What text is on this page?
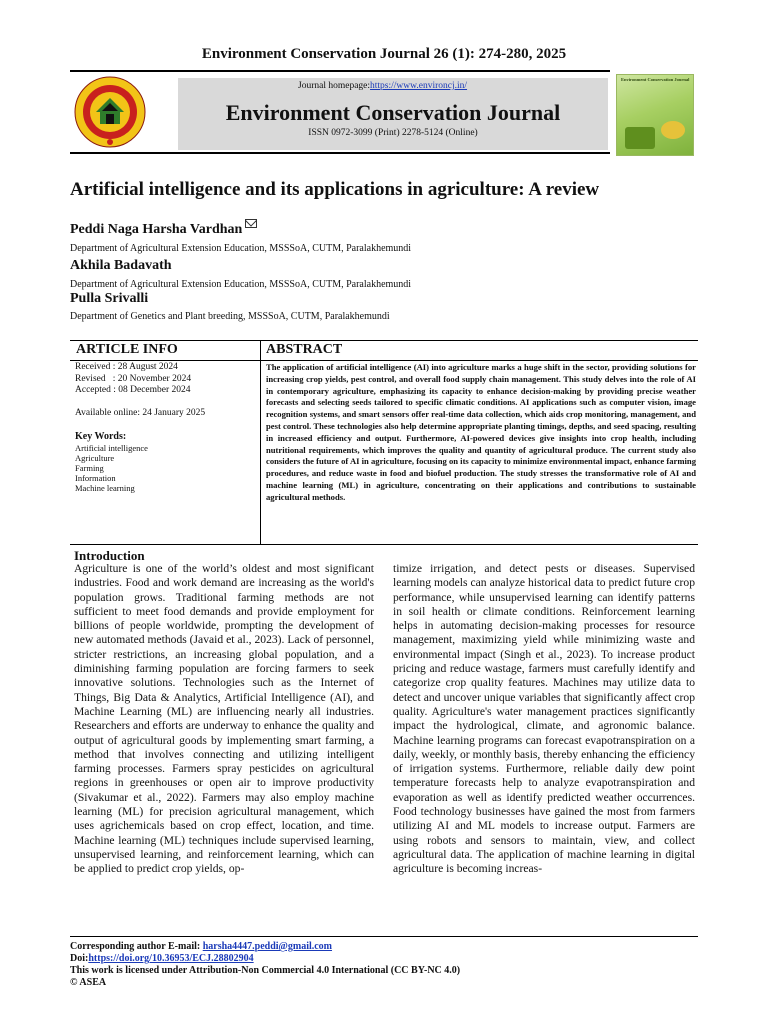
Environment Conservation Journal 26 (1): 274-280, 2025
Journal homepage:https://www.environcj.in/
Environment Conservation Journal
ISSN 0972-3099 (Print) 2278-5124 (Online)
Environment Conservation Journal
Artificial intelligence and its applications in agriculture: A review
Peddi Naga Harsha Vardhan
Department of Agricultural Extension Education, MSSSoA, CUTM, Paralakhemundi
Akhila Badavath
Department of Agricultural Extension Education, MSSSoA, CUTM, Paralakhemundi
Pulla Srivalli
Department of Genetics and Plant breeding, MSSSoA, CUTM, Paralakhemundi
ARTICLE INFO	ABSTRACT
Received : 28 August 2024
Revised   : 20 November 2024
Accepted : 08 December 2024
Available online: 24 January 2025
Key Words:
Artificial intelligence
Agriculture
Farming
Information
Machine learning
The application of artificial intelligence (AI) into agriculture marks a huge shift in the sector, providing solutions for increasing crop yields, pest control, and overall food supply chain management. This study delves into the role of AI in contemporary agriculture, emphasizing its capacity to enhance decision-making by providing precise weather forecasts and selecting seeds tailored to specific climatic conditions. AI applications such as computer vision, image recognition systems, and smart sensors offer real-time data collection, which aids crop monitoring, management, and pest control. These technologies also help determine appropriate planting timings, depths, and seed spacing, resulting in increased efficiency and output. Furthermore, AI-powered devices give insights into crop health, including nutritional requirements, which improves the quality and quantity of agricultural produce. The current study also considers the future of AI in agriculture, focusing on its capacity to minimize environmental impact, enhance farming procedures, and reduce waste in food and biofuel production. The study stresses the transformative role of AI and machine learning (ML) in agriculture, concentrating on their applications and contributions to sustainable agricultural methods.
Introduction

Agriculture is one of the world’s oldest and most significant industries. Food and work demand are increasing as the world's population grows. Traditional farming methods are not sufficient to meet food demands and provide employment for billions of people worldwide, prompting the development of new automated methods (Javaid et al., 2023). Lack of personnel, stricter restrictions, an increasing global population, and a diminishing farming population are forcing farmers to seek innovative solutions. Technologies such as the Internet of Things, Big Data & Analytics, Artificial Intelligence (AI), and Machine Learning (ML) are influencing nearly all industries. Researchers and efforts are underway to enhance the quality and output of agricultural goods by implementing smart farming, a method that involves connecting and utilizing intelligent farming processes. Farmers spray pesticides on agricultural regions in greenhouses or open air to improve productivity (Sivakumar et al., 2022). Farmers may also employ machine learning (ML) for precision agricultural management, which uses agrichemicals based on crop effect, location, and time. Machine learning (ML) techniques include supervised learning, unsupervised learning, and reinforcement learning, which can be applied to predict crop yields, op-

timize irrigation, and detect pests or diseases. Supervised learning models can analyze historical data to predict future crop performance, while unsupervised learning can identify patterns in soil health or climate conditions. Reinforcement learning helps in automating decision-making processes for resource management, maximizing yield while minimizing waste and environmental impact (Singh et al., 2023). To increase product pricing and reduce wastage, farmers must carefully identify and categorize crop quality features. Machines may utilize data to detect and uncover unique variables that significantly affect crop quality. Agriculture's water management practices significantly impact the hydrological, climate, and agronomic balance. Machine learning programs can forecast evapotranspiration on a daily, weekly, or monthly basis, thereby enhancing the efficiency of irrigation systems. Furthermore, reliable daily dew point temperature forecasts help to analyze evapotranspiration and evaporation as well as identify predicted weather occurrences. Food technology businesses have gained the most from farmers utilizing AI and ML models to increase output. Farmers are using robots and sensors to maintain, view, and collect agricultural data. The application of machine learning in digital agriculture is becoming increas-

Corresponding author E-mail: harsha4447.peddi@gmail.com
Doi:https://doi.org/10.36953/ECJ.28802904
This work is licensed under Attribution-Non Commercial 4.0 International (CC BY-NC 4.0)
© ASEA
